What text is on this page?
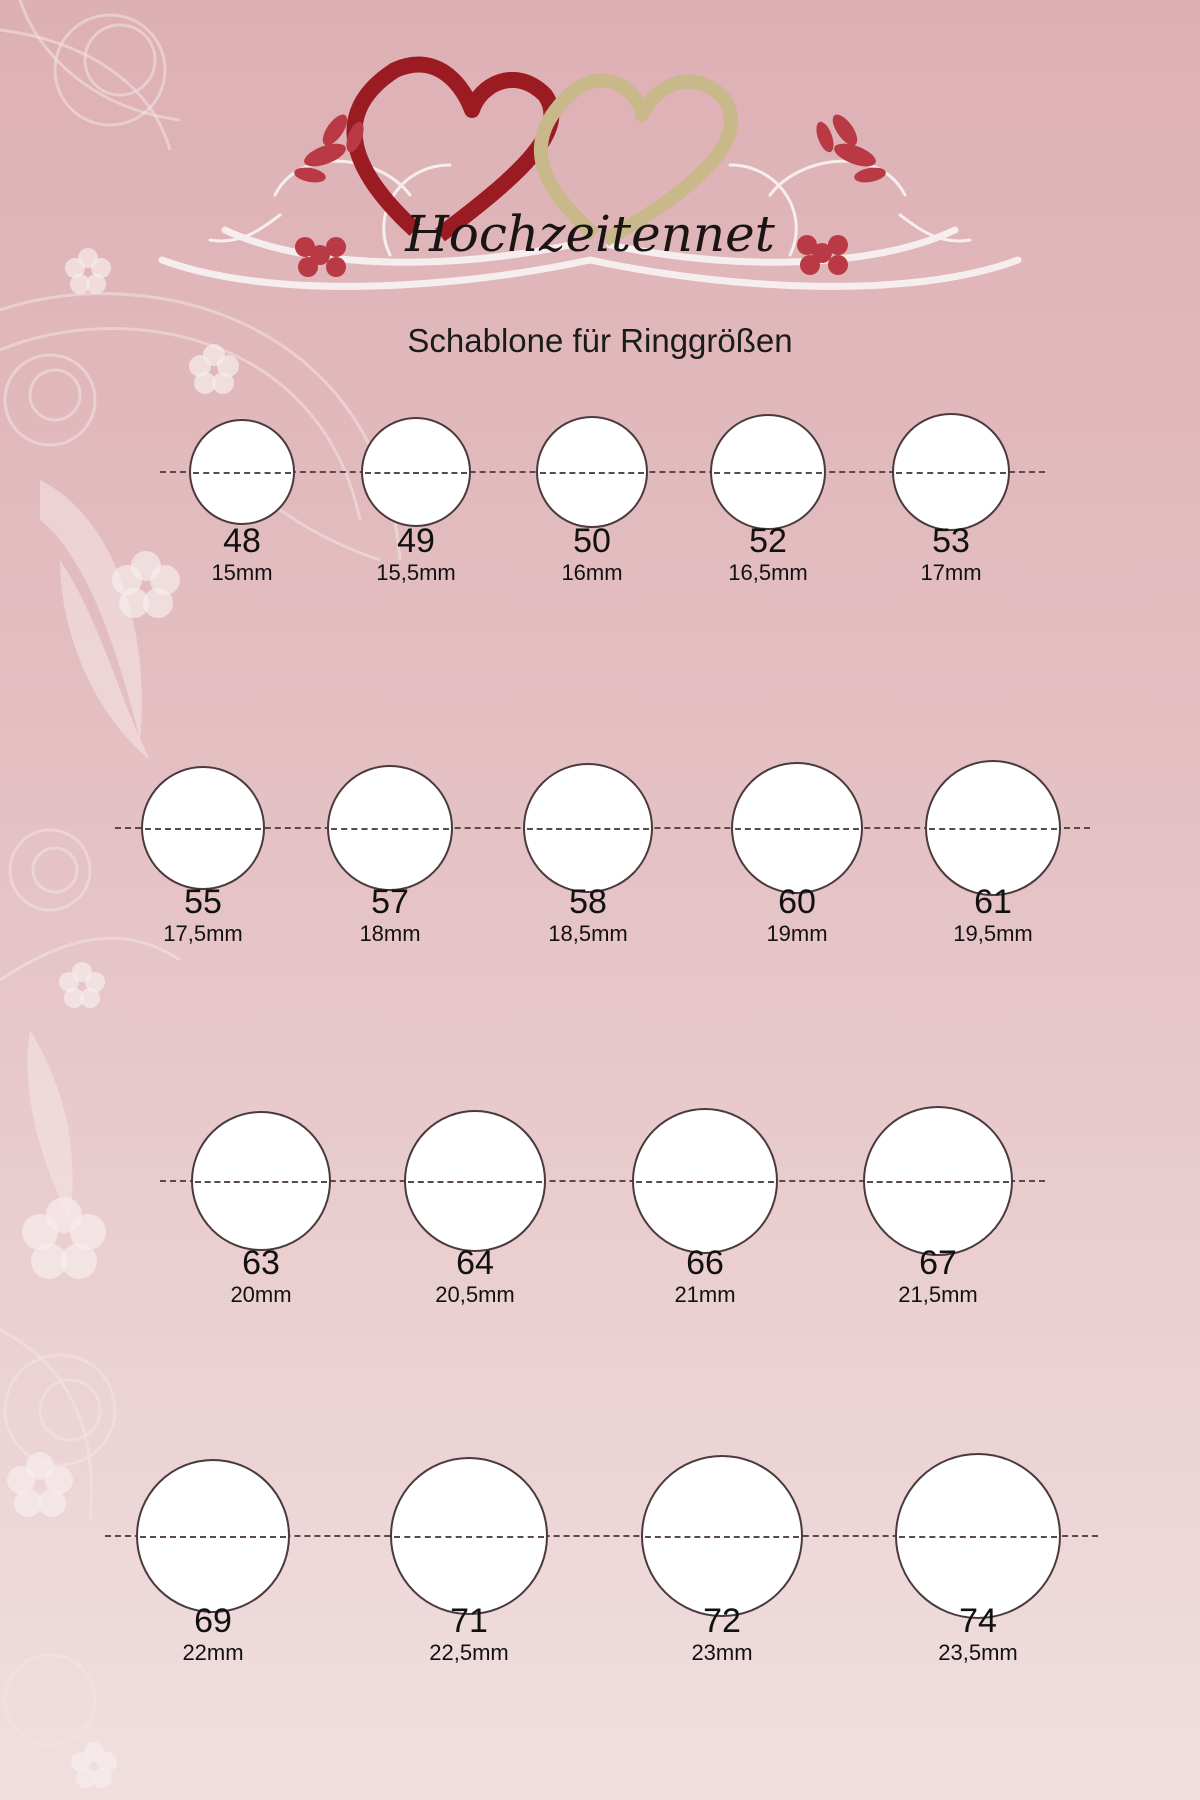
Hochzeitennet
Schablone für Ringgrößen
48
15mm
49
15,5mm
50
16mm
52
16,5mm
53
17mm
55
17,5mm
57
18mm
58
18,5mm
60
19mm
61
19,5mm
63
20mm
64
20,5mm
66
21mm
67
21,5mm
69
22mm
71
22,5mm
72
23mm
74
23,5mm
